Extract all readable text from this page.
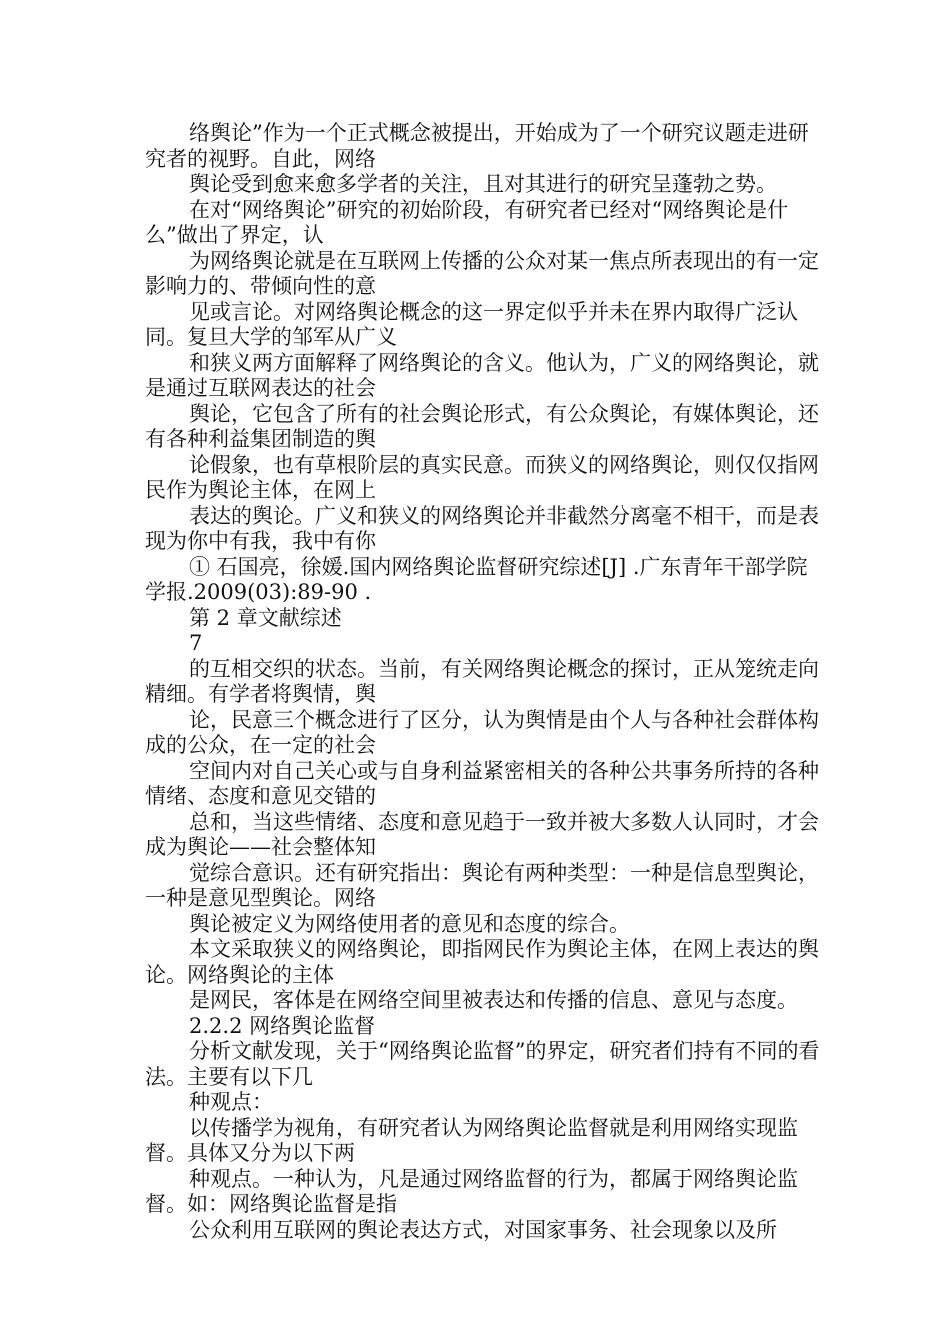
络舆论”作为一个正式概念被提出，开始成为了一个研究议题走进研究者的视野。自此，网络

舆论受到愈来愈多学者的关注，且对其进行的研究呈蓬勃之势。

在对“网络舆论”研究的初始阶段，有研究者已经对“网络舆论是什么”做出了界定，认

为网络舆论就是在互联网上传播的公众对某一焦点所表现出的有一定影响力的、带倾向性的意

见或言论。对网络舆论概念的这一界定似乎并未在界内取得广泛认同。复旦大学的邹军从广义

和狭义两方面解释了网络舆论的含义。他认为，广义的网络舆论，就是通过互联网表达的社会

舆论，它包含了所有的社会舆论形式，有公众舆论，有媒体舆论，还有各种利益集团制造的舆

论假象，也有草根阶层的真实民意。而狭义的网络舆论，则仅仅指网民作为舆论主体，在网上

表达的舆论。广义和狭义的网络舆论并非截然分离毫不相干，而是表现为你中有我，我中有你

① 石国亮，徐媛.国内网络舆论监督研究综述[J] .广东青年干部学院学报.2009(03):89-90 .

第 2 章文献综述

7

的互相交织的状态。当前，有关网络舆论概念的探讨，正从笼统走向精细。有学者将舆情，舆

论，民意三个概念进行了区分，认为舆情是由个人与各种社会群体构成的公众，在一定的社会

空间内对自己关心或与自身利益紧密相关的各种公共事务所持的各种情绪、态度和意见交错的

总和，当这些情绪、态度和意见趋于一致并被大多数人认同时，才会成为舆论——社会整体知

觉综合意识。还有研究指出：舆论有两种类型：一种是信息型舆论，一种是意见型舆论。网络

舆论被定义为网络使用者的意见和态度的综合。

本文采取狭义的网络舆论，即指网民作为舆论主体，在网上表达的舆论。网络舆论的主体

是网民，客体是在网络空间里被表达和传播的信息、意见与态度。

2.2.2 网络舆论监督

分析文献发现，关于“网络舆论监督”的界定，研究者们持有不同的看法。主要有以下几

种观点：

以传播学为视角，有研究者认为网络舆论监督就是利用网络实现监督。具体又分为以下两

种观点。一种认为，凡是通过网络监督的行为，都属于网络舆论监督。如：网络舆论监督是指

公众利用互联网的舆论表达方式，对国家事务、社会现象以及所
